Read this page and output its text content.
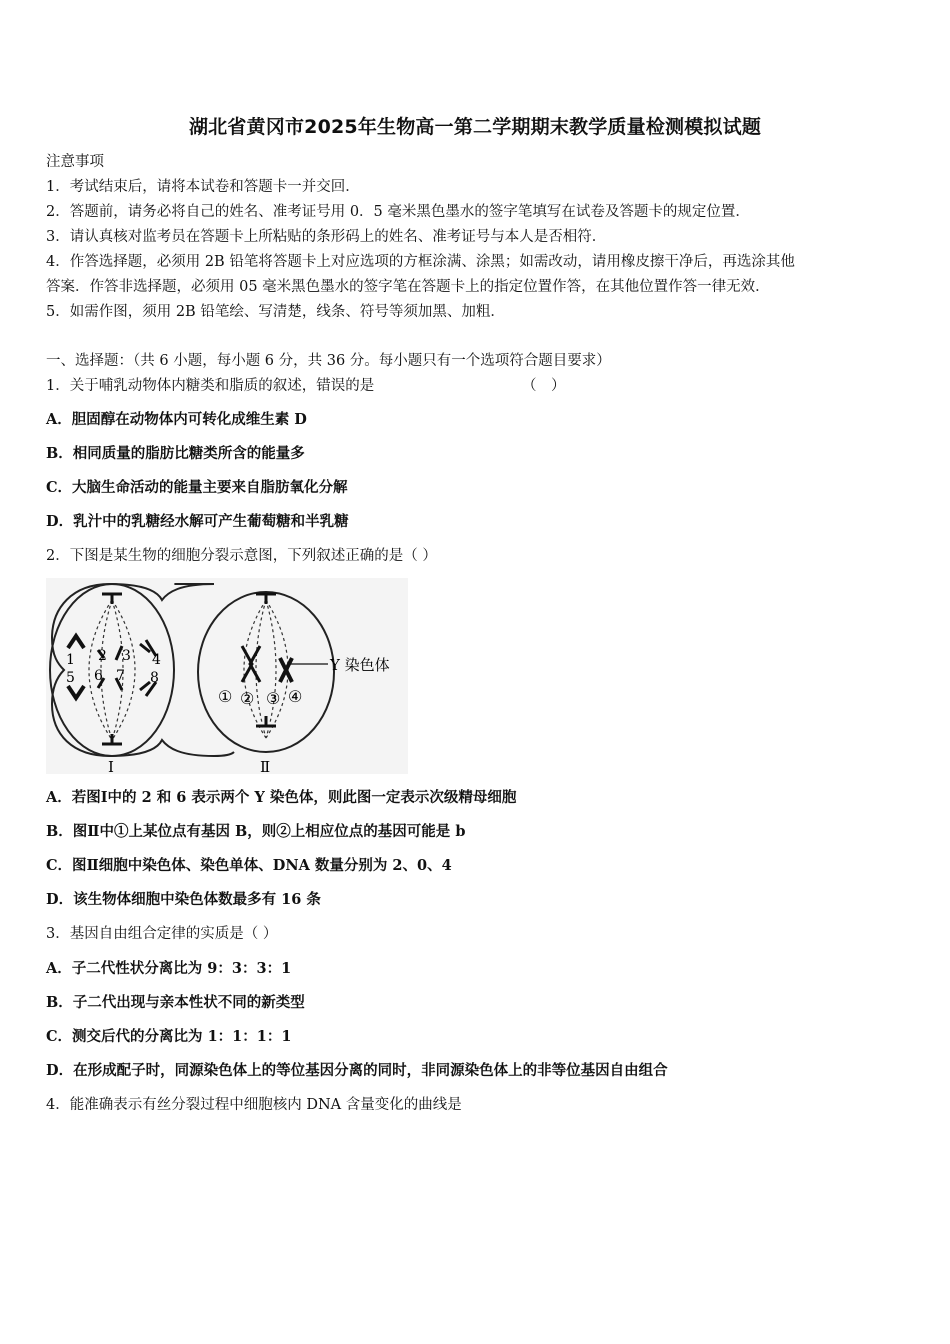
湖北省黄冈市2025年生物高一第二学期期末教学质量检测模拟试题
注意事项
1．考试结束后，请将本试卷和答题卡一并交回．
2．答题前，请务必将自己的姓名、准考证号用 0．5 毫米黑色墨水的签字笔填写在试卷及答题卡的规定位置．
3．请认真核对监考员在答题卡上所粘贴的条形码上的姓名、准考证号与本人是否相符．
4．作答选择题，必须用 2B 铅笔将答题卡上对应选项的方框涂满、涂黑；如需改动，请用橡皮擦干净后，再选涂其他
答案．作答非选择题，必须用 05 毫米黑色墨水的签字笔在答题卡上的指定位置作答，在其他位置作答一律无效．
5．如需作图，须用 2B 铅笔绘、写清楚，线条、符号等须加黑、加粗．
一、选择题：（共 6 小题，每小题 6 分，共 36 分。每小题只有一个选项符合题目要求）
1．关于哺乳动物体内糖类和脂质的叙述，错误的是	（　）
A．胆固醇在动物体内可转化成维生素 D
B．相同质量的脂肪比糖类所含的能量多
C．大脑生命活动的能量主要来自脂肪氧化分解
D．乳汁中的乳糖经水解可产生葡萄糖和半乳糖
2．下图是某生物的细胞分裂示意图，下列叙述正确的是（ ）
1 2 3 4
5 6 7 8
Ⅰ
Y 染色体
① ② ③ ④
Ⅱ
A．若图Ⅰ中的 2 和 6 表示两个 Y 染色体，则此图一定表示次级精母细胞
B．图Ⅱ中①上某位点有基因 B，则②上相应位点的基因可能是 b
C．图Ⅱ细胞中染色体、染色单体、DNA 数量分别为 2、0、4
D．该生物体细胞中染色体数最多有 16 条
3．基因自由组合定律的实质是（ ）
A．子二代性状分离比为 9：3：3：1
B．子二代出现与亲本性状不同的新类型
C．测交后代的分离比为 1：1：1：1
D．在形成配子时，同源染色体上的等位基因分离的同时，非同源染色体上的非等位基因自由组合
4．能准确表示有丝分裂过程中细胞核内 DNA 含量变化的曲线是
